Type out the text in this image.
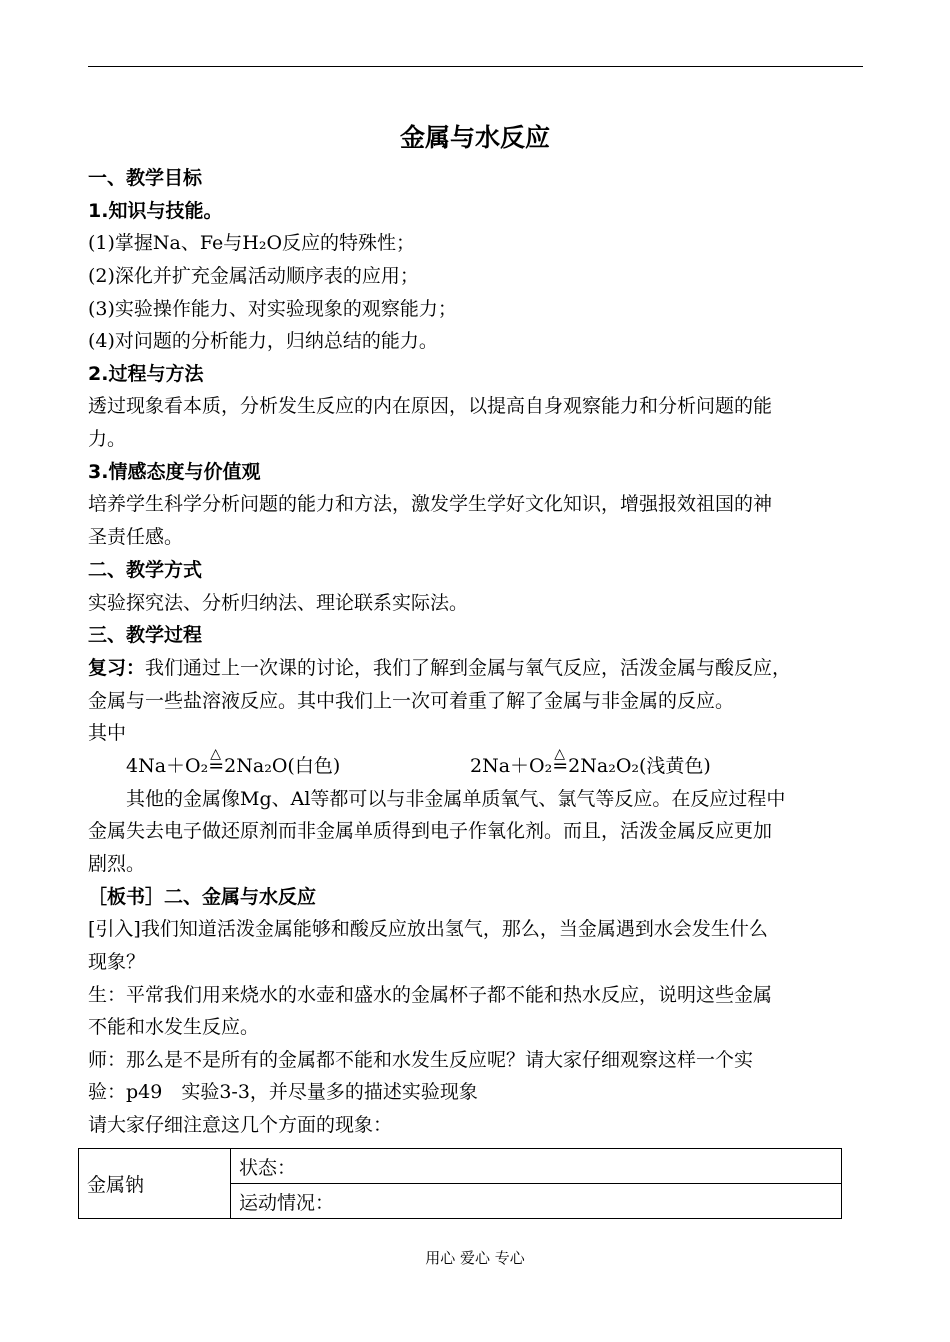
金属与水反应
一、教学目标
1.知识与技能。
(1)掌握Na、Fe与H₂O反应的特殊性；
(2)深化并扩充金属活动顺序表的应用；
(3)实验操作能力、对实验现象的观察能力；
(4)对问题的分析能力，归纳总结的能力。
2.过程与方法
透过现象看本质，分析发生反应的内在原因，以提高自身观察能力和分析问题的能
力。
3.情感态度与价值观
培养学生科学分析问题的能力和方法，激发学生学好文化知识，增强报效祖国的神
圣责任感。
二、教学方式
实验探究法、分析归纳法、理论联系实际法。
三、教学过程
复习：我们通过上一次课的讨论，我们了解到金属与氧气反应，活泼金属与酸反应，
金属与一些盐溶液反应。其中我们上一次可着重了解了金属与非金属的反应。
其中
4Na＋O₂△ =2Na₂O(白色)	2Na＋O₂△ =2Na₂O₂(浅黄色)
　　其他的金属像Mg、Al等都可以与非金属单质氧气、氯气等反应。在反应过程中
金属失去电子做还原剂而非金属单质得到电子作氧化剂。而且，活泼金属反应更加
剧烈。
［板书］二、金属与水反应
[引入]我们知道活泼金属能够和酸反应放出氢气，那么，当金属遇到水会发生什么
现象？
生：平常我们用来烧水的水壶和盛水的金属杯子都不能和热水反应，说明这些金属
不能和水发生反应。
师：那么是不是所有的金属都不能和水发生反应呢？请大家仔细观察这样一个实
验：p49　实验3-3，并尽量多的描述实验现象
请大家仔细注意这几个方面的现象：
金属钠	状态：
运动情况：
用心 爱心 专心
